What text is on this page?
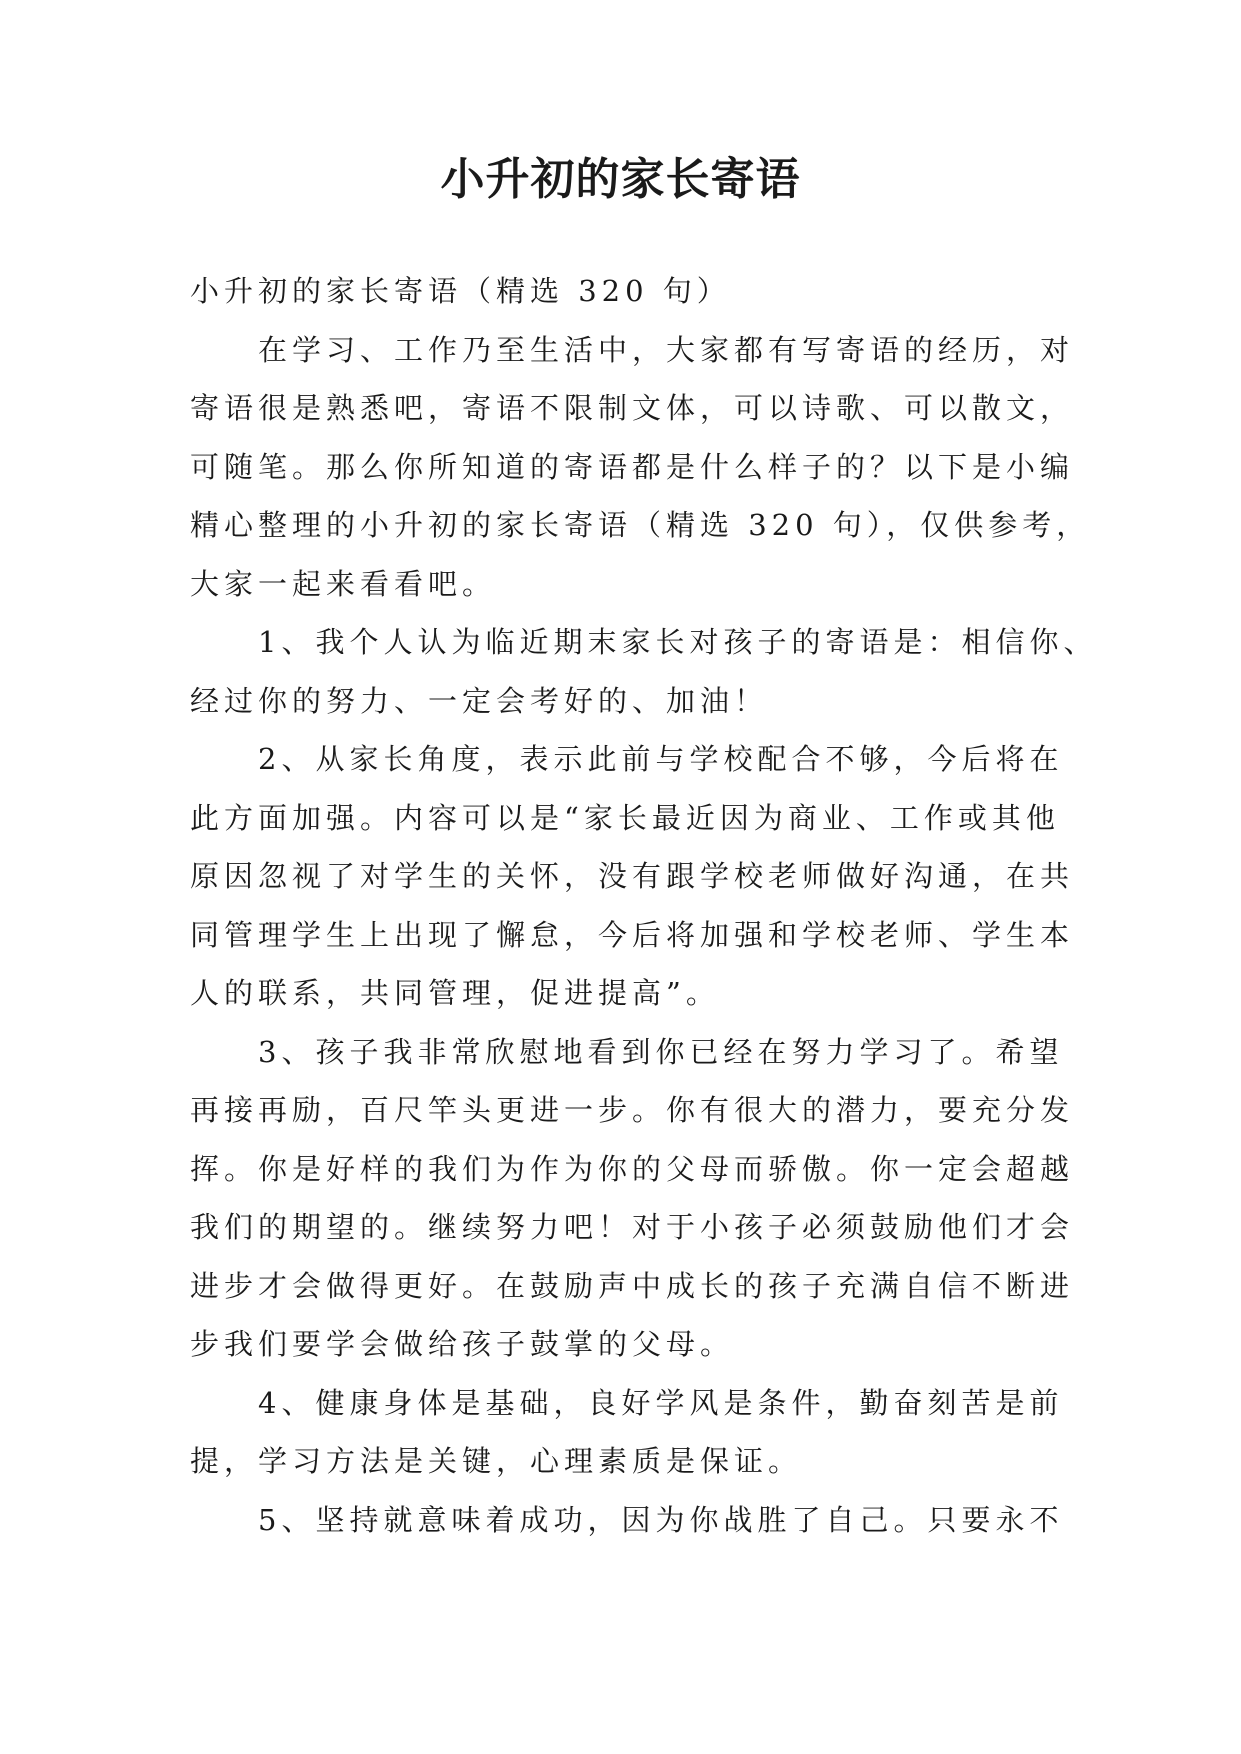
小升初的家长寄语
小升初的家长寄语（精选 320 句）
在学习、工作乃至生活中，大家都有写寄语的经历，对
寄语很是熟悉吧，寄语不限制文体，可以诗歌、可以散文，
可随笔。那么你所知道的寄语都是什么样子的？以下是小编
精心整理的小升初的家长寄语（精选 320 句），仅供参考，
大家一起来看看吧。
1、我个人认为临近期末家长对孩子的寄语是：相信你、
经过你的努力、一定会考好的、加油！
2、从家长角度，表示此前与学校配合不够，今后将在
此方面加强。内容可以是“家长最近因为商业、工作或其他
原因忽视了对学生的关怀，没有跟学校老师做好沟通，在共
同管理学生上出现了懈怠，今后将加强和学校老师、学生本
人的联系，共同管理，促进提高”。
3、孩子我非常欣慰地看到你已经在努力学习了。希望
再接再励，百尺竿头更进一步。你有很大的潜力，要充分发
挥。你是好样的我们为作为你的父母而骄傲。你一定会超越
我们的期望的。继续努力吧！对于小孩子必须鼓励他们才会
进步才会做得更好。在鼓励声中成长的孩子充满自信不断进
步我们要学会做给孩子鼓掌的父母。
4、健康身体是基础，良好学风是条件，勤奋刻苦是前
提，学习方法是关键，心理素质是保证。
5、坚持就意味着成功，因为你战胜了自己。只要永不
